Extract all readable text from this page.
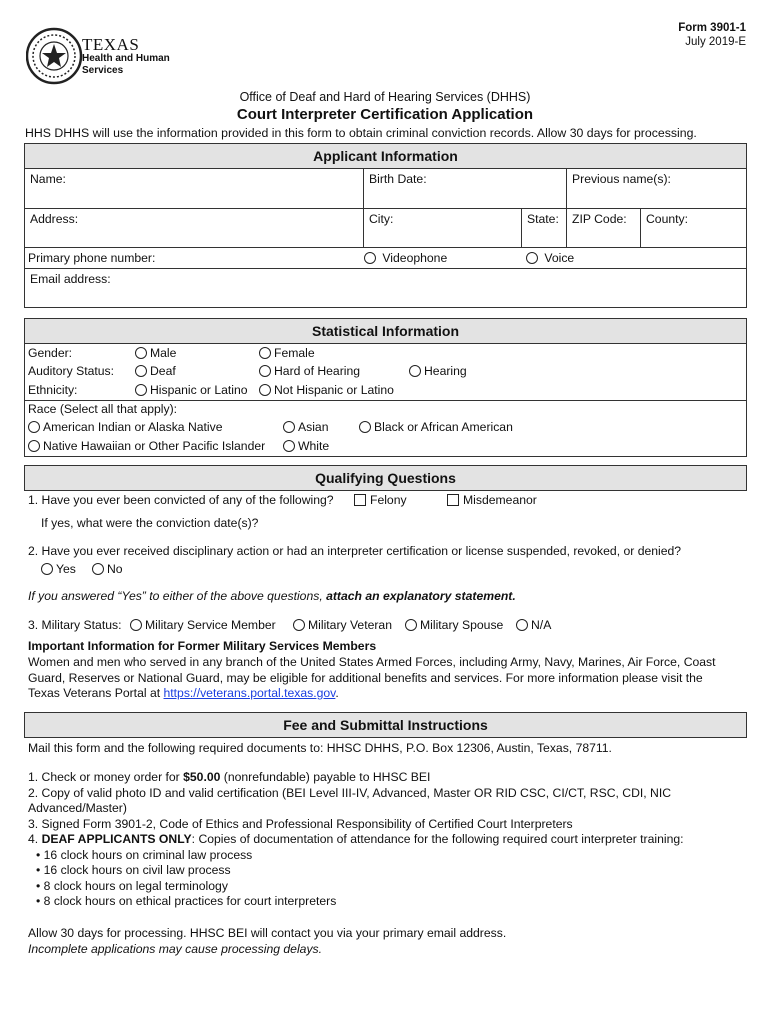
TEXAS
Health and Human
Services
Form 3901-1
July 2019-E
Office of Deaf and Hard of Hearing Services (DHHS)
Court Interpreter Certification Application
HHS DHHS will use the information provided in this form to obtain criminal conviction records. Allow 30 days for processing.
Applicant Information
Name:	Birth Date:	Previous name(s):
Address:	City:	State:	ZIP Code:	County:
Primary phone number:	Videophone	Voice
Email address:
Statistical Information
Gender:	Male	Female
Auditory Status:	Deaf	Hard of Hearing	Hearing
Ethnicity:	Hispanic or Latino	Not Hispanic or Latino
Race (Select all that apply):
American Indian or Alaska Native	Asian	Black or African American
Native Hawaiian or Other Pacific Islander	White
Qualifying Questions
1. Have you ever been convicted of any of the following?	Felony	Misdemeanor
If yes, what were the conviction date(s)?
2. Have you ever received disciplinary action or had an interpreter certification or license suspended, revoked, or denied?
Yes	No
If you answered “Yes” to either of the above questions, attach an explanatory statement.
3. Military Status:	Military Service Member	Military Veteran	Military Spouse	N/A
Important Information for Former Military Services Members
Women and men who served in any branch of the United States Armed Forces, including Army, Navy, Marines, Air Force, Coast
Guard, Reserves or National Guard, may be eligible for additional benefits and services. For more information please visit the
Texas Veterans Portal at https://veterans.portal.texas.gov.
Fee and Submittal Instructions
Mail this form and the following required documents to: HHSC DHHS, P.O. Box 12306, Austin, Texas, 78711.
1. Check or money order for $50.00 (nonrefundable) payable to HHSC BEI
2. Copy of valid photo ID and valid certification (BEI Level III-IV, Advanced, Master OR RID CSC, CI/CT, RSC, CDI, NIC
Advanced/Master)
3. Signed Form 3901-2, Code of Ethics and Professional Responsibility of Certified Court Interpreters
4. DEAF APPLICANTS ONLY: Copies of documentation of attendance for the following required court interpreter training:
• 16 clock hours on criminal law process
• 16 clock hours on civil law process
• 8 clock hours on legal terminology
• 8 clock hours on ethical practices for court interpreters
Allow 30 days for processing. HHSC BEI will contact you via your primary email address.
Incomplete applications may cause processing delays.
